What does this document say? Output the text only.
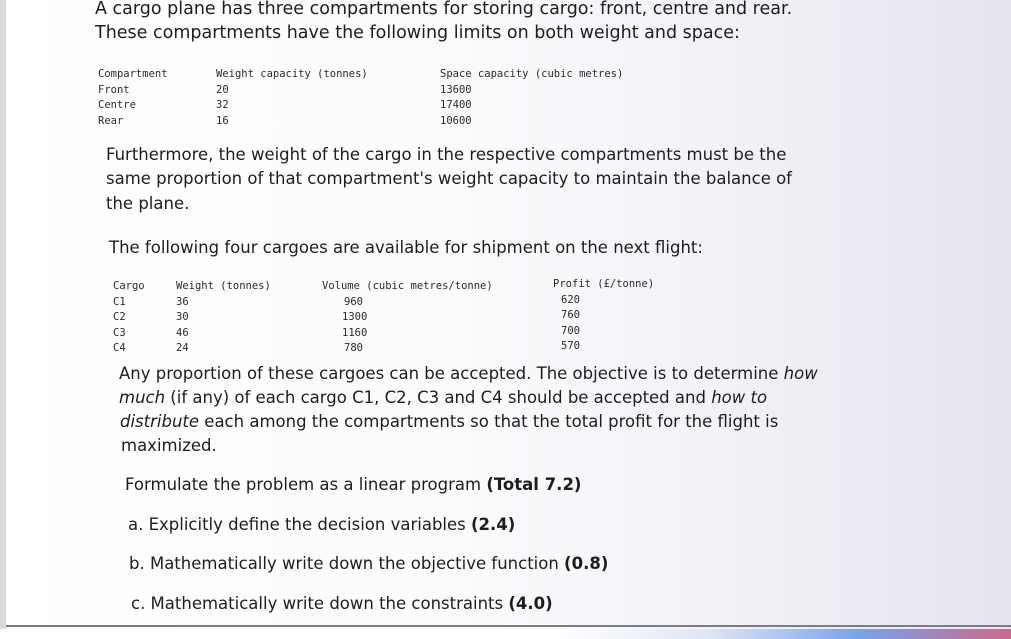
A cargo plane has three compartments for storing cargo: front, centre and rear.
These compartments have the following limits on both weight and space:
Compartment
Front
Centre
Rear
Weight capacity (tonnes)
20
32
16
Space capacity (cubic metres)
13600
17400
10600
Furthermore, the weight of the cargo in the respective compartments must be the
same proportion of that compartment's weight capacity to maintain the balance of
the plane.
The following four cargoes are available for shipment on the next flight:
Cargo
C1
C2
C3
C4
Weight (tonnes)
36
30
46
24
Volume (cubic metres/tonne)
960
1300
1160
780
Profit (£/tonne)
620
760
700
570
Any proportion of these cargoes can be accepted. The objective is to determine how
much (if any) of each cargo C1, C2, C3 and C4 should be accepted and how to
distribute each among the compartments so that the total profit for the flight is
maximized.
Formulate the problem as a linear program (Total 7.2)
a. Explicitly define the decision variables (2.4)
b. Mathematically write down the objective function (0.8)
c. Mathematically write down the constraints (4.0)
